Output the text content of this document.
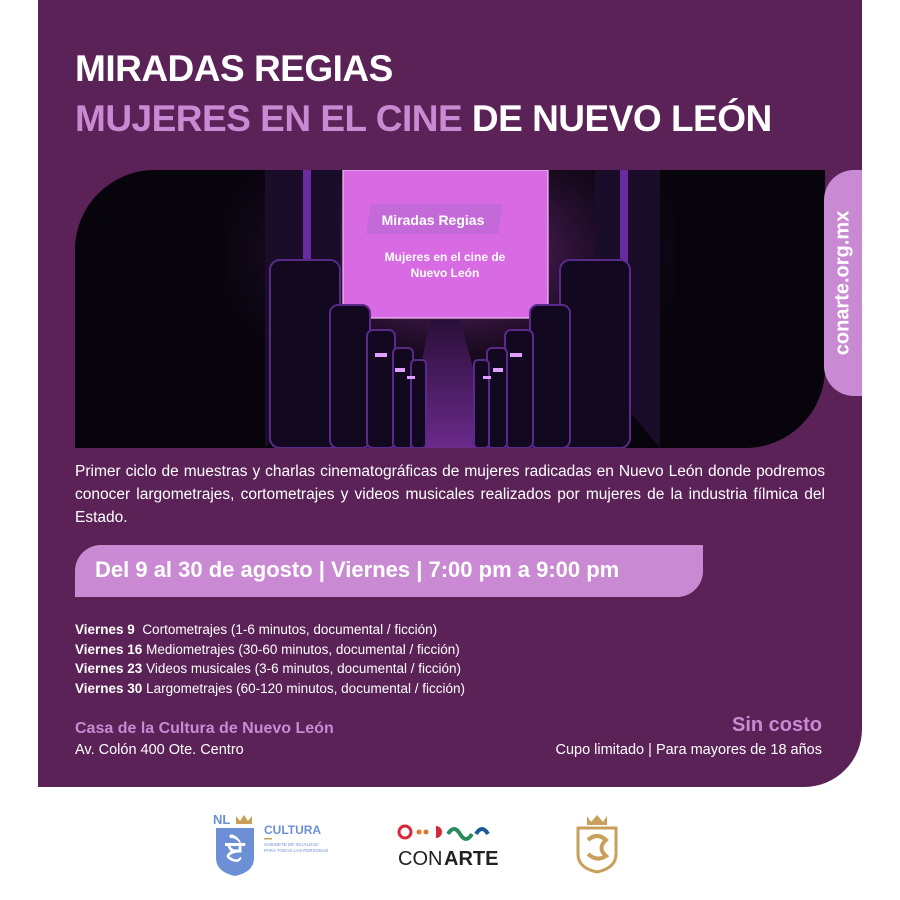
MIRADAS REGIAS
MUJERES EN EL CINE DE NUEVO LEÓN
Miradas Regias
Mujeres en el cine de
Nuevo León	conarte.org.mx
Primer ciclo de muestras y charlas cinematográficas de mujeres radicadas en Nuevo León donde podremos conocer largometrajes, cortometrajes y videos musicales realizados por mujeres de la industria fílmica del Estado.
Del 9 al 30 de agosto | Viernes | 7:00 pm a 9:00 pm
Viernes 9 Cortometrajes (1-6 minutos, documental / ficción)
Viernes 16 Mediometrajes (30-60 minutos, documental / ficción)
Viernes 23 Videos musicales (3-6 minutos, documental / ficción)
Viernes 30 Largometrajes (60-120 minutos, documental / ficción)
Casa de la Cultura de Nuevo León
Av. Colón 400 Ote. Centro
Sin costo
Cupo limitado | Para mayores de 18 años
NL
ਏ
CULTURA
GABINETE DE IGUALDAD
PARA TODAS LAS PERSONAS	CON ARTE
